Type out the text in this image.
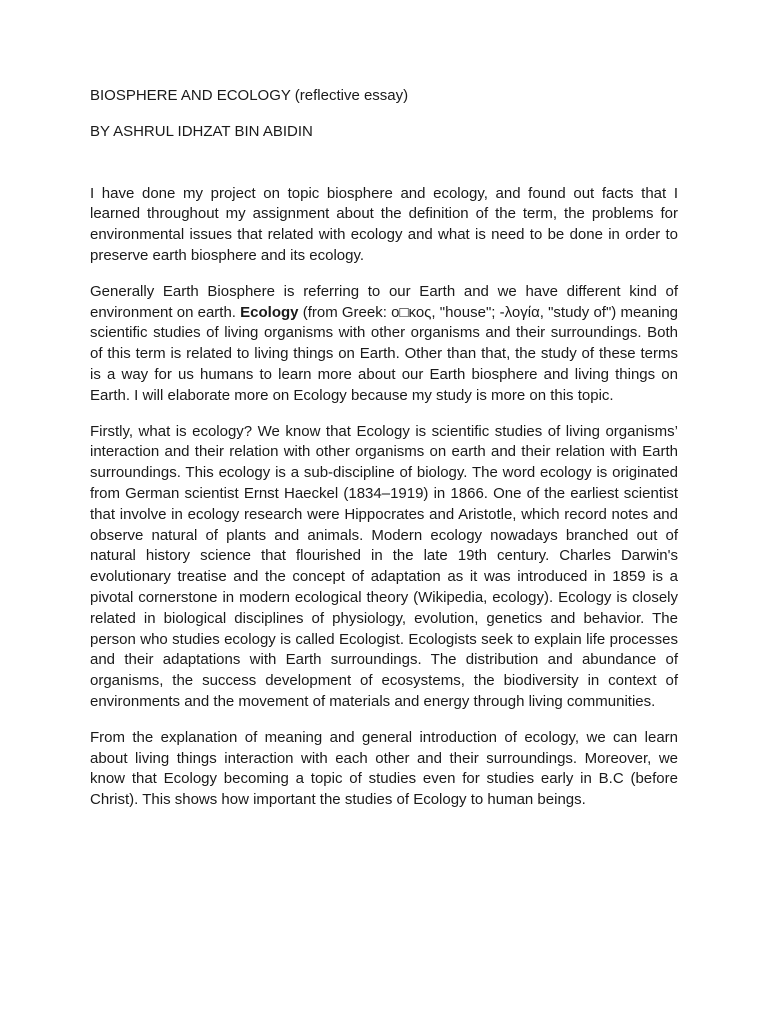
BIOSPHERE AND ECOLOGY (reflective essay)

BY ASHRUL IDHZAT BIN ABIDIN

I have done my project on topic biosphere and ecology, and found out facts that I learned throughout my assignment about the definition of the term, the problems for environmental issues that related with ecology and what is need to be done in order to preserve earth biosphere and its ecology.

Generally Earth Biosphere is referring to our Earth and we have different kind of environment on earth. Ecology (from Greek: ο□κος, "house"; -λογία, "study of") meaning scientific studies of living organisms with other organisms and their surroundings. Both of this term is related to living things on Earth. Other than that, the study of these terms is a way for us humans to learn more about our Earth biosphere and living things on Earth. I will elaborate more on Ecology because my study is more on this topic.

Firstly, what is ecology? We know that Ecology is scientific studies of living organisms’ interaction and their relation with other organisms on earth and their relation with Earth surroundings. This ecology is a sub-discipline of biology. The word ecology is originated from German scientist Ernst Haeckel (1834–1919) in 1866. One of the earliest scientist that involve in ecology research were Hippocrates and Aristotle, which record notes and observe natural of plants and animals. Modern ecology nowadays branched out of natural history science that flourished in the late 19th century. Charles Darwin's evolutionary treatise and the concept of adaptation as it was introduced in 1859 is a pivotal cornerstone in modern ecological theory (Wikipedia, ecology). Ecology is closely related in biological disciplines of physiology, evolution, genetics and behavior. The person who studies ecology is called Ecologist. Ecologists seek to explain life processes and their adaptations with Earth surroundings. The distribution and abundance of organisms, the success development of ecosystems, the biodiversity in context of environments and the movement of materials and energy through living communities.

From the explanation of meaning and general introduction of ecology, we can learn about living things interaction with each other and their surroundings. Moreover, we know that Ecology becoming a topic of studies even for studies early in B.C (before Christ). This shows how important the studies of Ecology to human beings.
